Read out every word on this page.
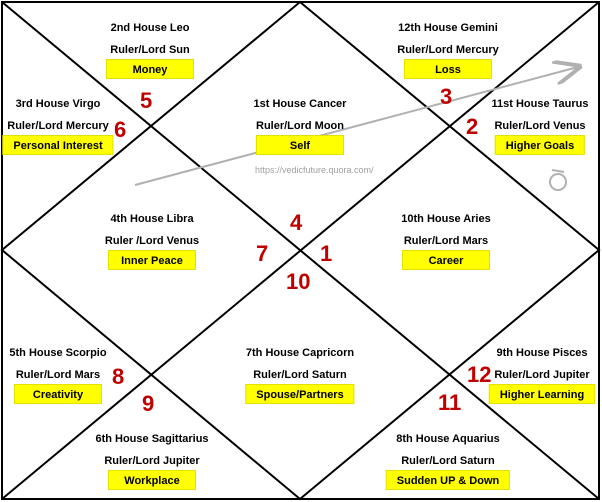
https://vedicfuture.quora.com/
1st House Cancer
Ruler/Lord Moon
Self
2nd House Leo
Ruler/Lord Sun
Money
3rd House Virgo
Ruler/Lord Mercury
Personal Interest
4th House Libra
Ruler /Lord Venus
Inner Peace
5th House Scorpio
Ruler/Lord Mars
Creativity
6th House Sagittarius
Ruler/Lord Jupiter
Workplace
7th House Capricorn
Ruler/Lord Saturn
Spouse/Partners
8th House Aquarius
Ruler/Lord Saturn
Sudden UP & Down
9th House Pisces
Ruler/Lord Jupiter
Higher Learning
10th House Aries
Ruler/Lord Mars
Career
11st House Taurus
Ruler/Lord Venus
Higher Goals
12th House Gemini
Ruler/Lord Mercury
Loss
1
2
3
4
5
6
7
8
9
10
11
12
